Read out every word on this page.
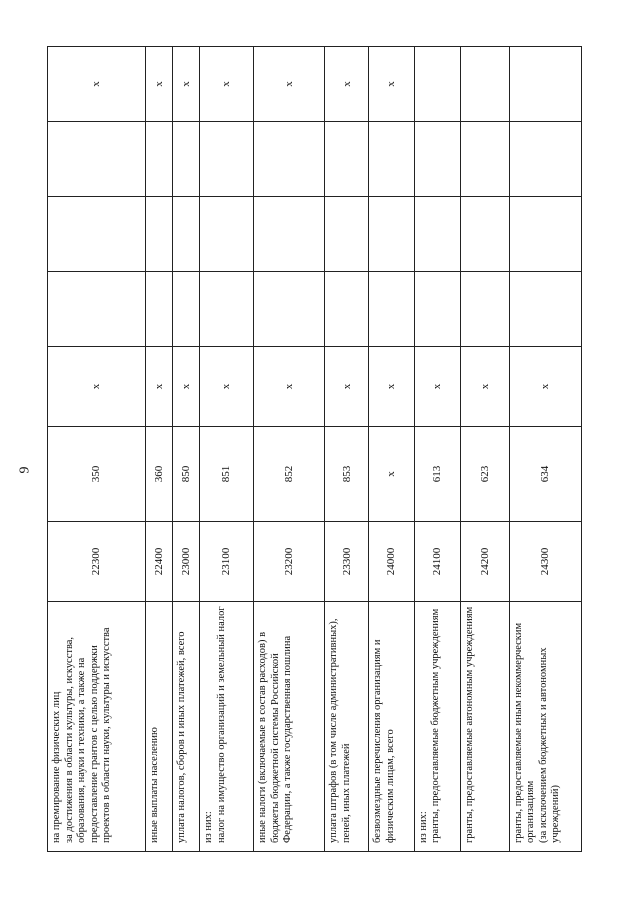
9
на премирование физических лиц за достижения в области культуры, искусства, образования, науки и техники, а также на предоставление грантов с целью поддержки проектов в области науки, культуры и искусства	22300	350	x				x
иные выплаты населению	22400	360	x				x
уплата налогов, сборов и иных платежей, всего	23000	850	x				x
из них: налог на имущество организаций и земельный налог	23100	851	x				x
иные налоги (включаемые в состав расходов) в бюджеты бюджетной системы Российской Федерации, а также государственная пошлина	23200	852	x				x
уплата штрафов (в том числе административных), пеней, иных платежей	23300	853	x				x
безвозмездные перечисления организациям и физическим лицам, всего	24000	x	x				x
из них: гранты, предоставляемые бюджетным учреждениям	24100	613	x				
гранты, предоставляемые автономным учреждениям	24200	623	x				
гранты, предоставляемые иным некоммерческим организациям (за исключением бюджетных и автономных учреждений)	24300	634	x				
